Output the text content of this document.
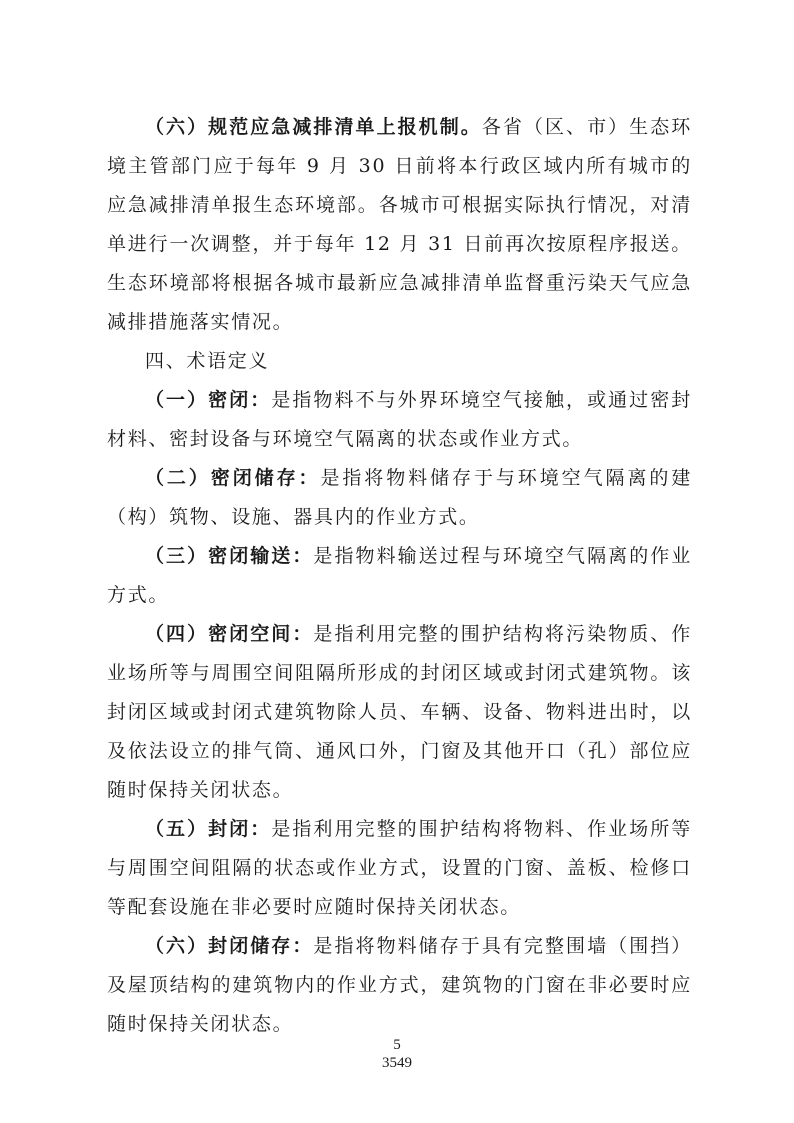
（六）规范应急减排清单上报机制。各省（区、市）生态环境主管部门应于每年 9 月 30 日前将本行政区域内所有城市的应急减排清单报生态环境部。各城市可根据实际执行情况，对清单进行一次调整，并于每年 12 月 31 日前再次按原程序报送。生态环境部将根据各城市最新应急减排清单监督重污染天气应急减排措施落实情况。

四、术语定义

（一）密闭：是指物料不与外界环境空气接触，或通过密封材料、密封设备与环境空气隔离的状态或作业方式。

（二）密闭储存：是指将物料储存于与环境空气隔离的建（构）筑物、设施、器具内的作业方式。

（三）密闭输送：是指物料输送过程与环境空气隔离的作业方式。

（四）密闭空间：是指利用完整的围护结构将污染物质、作业场所等与周围空间阻隔所形成的封闭区域或封闭式建筑物。该封闭区域或封闭式建筑物除人员、车辆、设备、物料进出时，以及依法设立的排气筒、通风口外，门窗及其他开口（孔）部位应随时保持关闭状态。

（五）封闭：是指利用完整的围护结构将物料、作业场所等与周围空间阻隔的状态或作业方式，设置的门窗、盖板、检修口等配套设施在非必要时应随时保持关闭状态。

（六）封闭储存：是指将物料储存于具有完整围墙（围挡）及屋顶结构的建筑物内的作业方式，建筑物的门窗在非必要时应随时保持关闭状态。

5
3549
